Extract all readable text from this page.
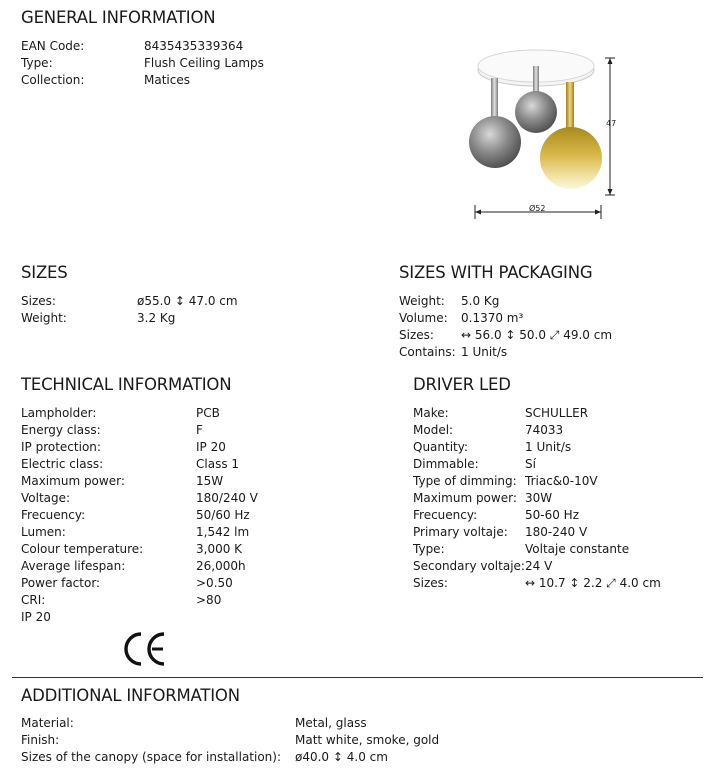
GENERAL INFORMATION
EAN Code:	8435435339364
Type:	Flush Ceiling Lamps
Collection:	Matices
47
Ø52
SIZES
Sizes:	ø55.0 ↕ 47.0 cm
Weight:	3.2 Kg
SIZES WITH PACKAGING
Weight: 5.0 Kg
Volume: 0.1370 m³
Sizes: ↔ 56.0 ↕ 50.0 ⤢ 49.0 cm
Contains: 1 Unit/s
TECHNICAL INFORMATION
Lampholder:	PCB
Energy class:	F
IP protection:	IP 20
Electric class:	Class 1
Maximum power:	15W
Voltage:	180/240 V
Frecuency:	50/60 Hz
Lumen:	1,542 lm
Colour temperature:	3,000 K
Average lifespan:	26,000h
Power factor:	>0.50
CRI:	>80
IP 20
DRIVER LED
Make:	SCHULLER
Model:	74033
Quantity:	1 Unit/s
Dimmable:	Sí
Type of dimming: Triac&0-10V
Maximum power: 30W
Frecuency:	50-60 Hz
Primary voltaje: 180-240 V
Type:	Voltaje constante
Secondary voltaje: 24 V
Sizes:	↔ 10.7 ↕ 2.2 ⤢ 4.0 cm
ADDITIONAL INFORMATION
Material:	Metal, glass
Finish:	Matt white, smoke, gold
Sizes of the canopy (space for installation): ø40.0 ↕ 4.0 cm
